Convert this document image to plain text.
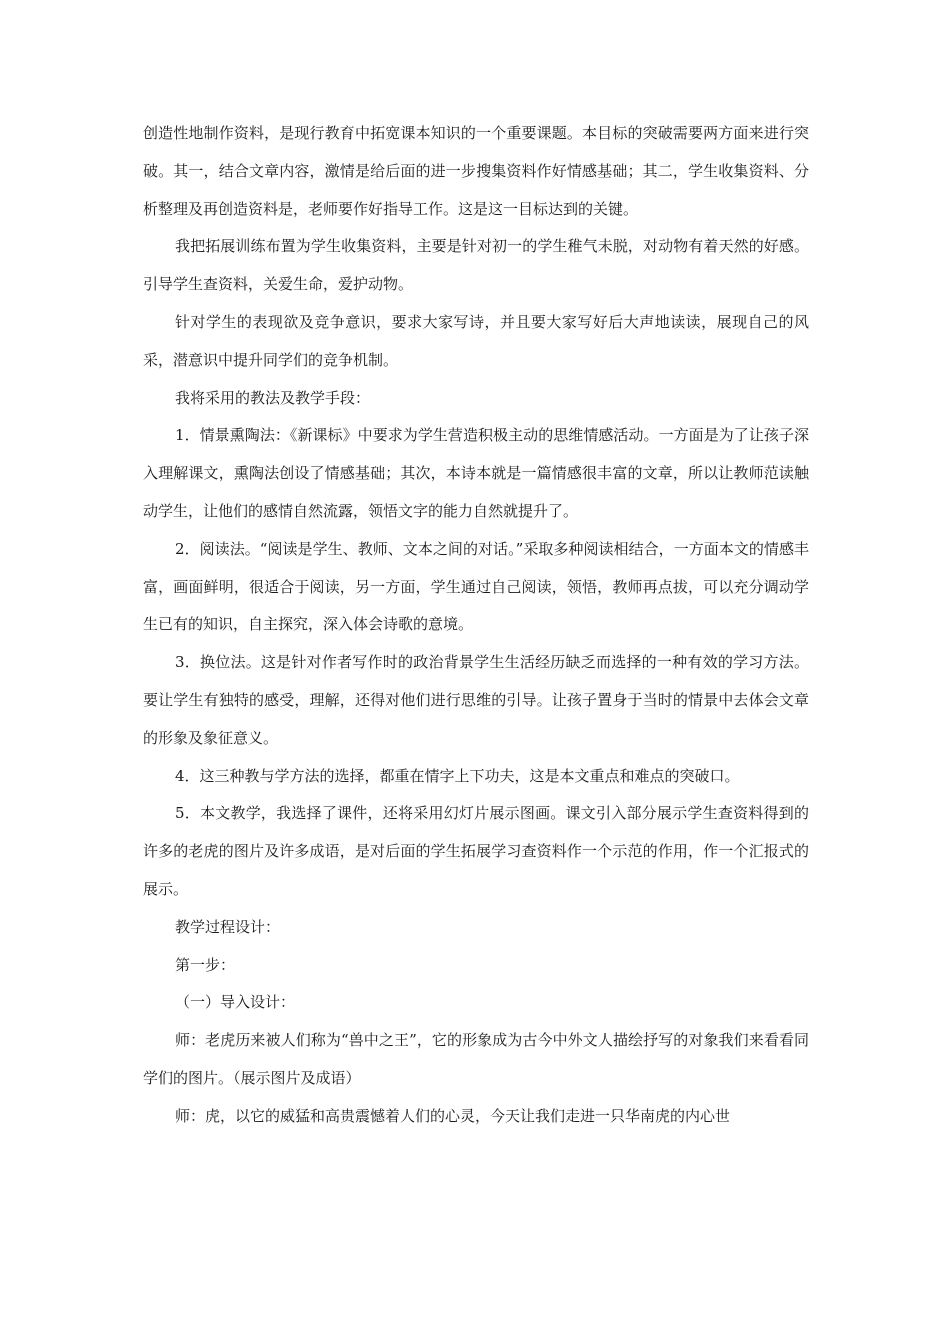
创造性地制作资料，是现行教育中拓宽课本知识的一个重要课题。本目标的突破需要两方面来进行突破。其一，结合文章内容，激情是给后面的进一步搜集资料作好情感基础；其二，学生收集资料、分析整理及再创造资料是，老师要作好指导工作。这是这一目标达到的关键。

我把拓展训练布置为学生收集资料，主要是针对初一的学生稚气未脱，对动物有着天然的好感。引导学生查资料，关爱生命，爱护动物。

针对学生的表现欲及竞争意识，要求大家写诗，并且要大家写好后大声地读读，展现自己的风采，潜意识中提升同学们的竞争机制。

我将采用的教法及教学手段：

1．情景熏陶法：《新课标》中要求为学生营造积极主动的思维情感活动。一方面是为了让孩子深入理解课文，熏陶法创设了情感基础；其次，本诗本就是一篇情感很丰富的文章，所以让教师范读触动学生，让他们的感情自然流露，领悟文字的能力自然就提升了。

2．阅读法。“阅读是学生、教师、文本之间的对话。”采取多种阅读相结合，一方面本文的情感丰富，画面鲜明，很适合于阅读，另一方面，学生通过自己阅读，领悟，教师再点拔，可以充分调动学生已有的知识，自主探究，深入体会诗歌的意境。

3．换位法。这是针对作者写作时的政治背景学生生活经历缺乏而选择的一种有效的学习方法。要让学生有独特的感受，理解，还得对他们进行思维的引导。让孩子置身于当时的情景中去体会文章的形象及象征意义。

4．这三种教与学方法的选择，都重在情字上下功夫，这是本文重点和难点的突破口。

5．本文教学，我选择了课件，还将采用幻灯片展示图画。课文引入部分展示学生查资料得到的许多的老虎的图片及许多成语，是对后面的学生拓展学习查资料作一个示范的作用，作一个汇报式的展示。

教学过程设计：

第一步：

（一）导入设计：

师：老虎历来被人们称为“兽中之王”，它的形象成为古今中外文人描绘抒写的对象我们来看看同学们的图片。（展示图片及成语）

师：虎，以它的威猛和高贵震憾着人们的心灵，今天让我们走进一只华南虎的内心世
